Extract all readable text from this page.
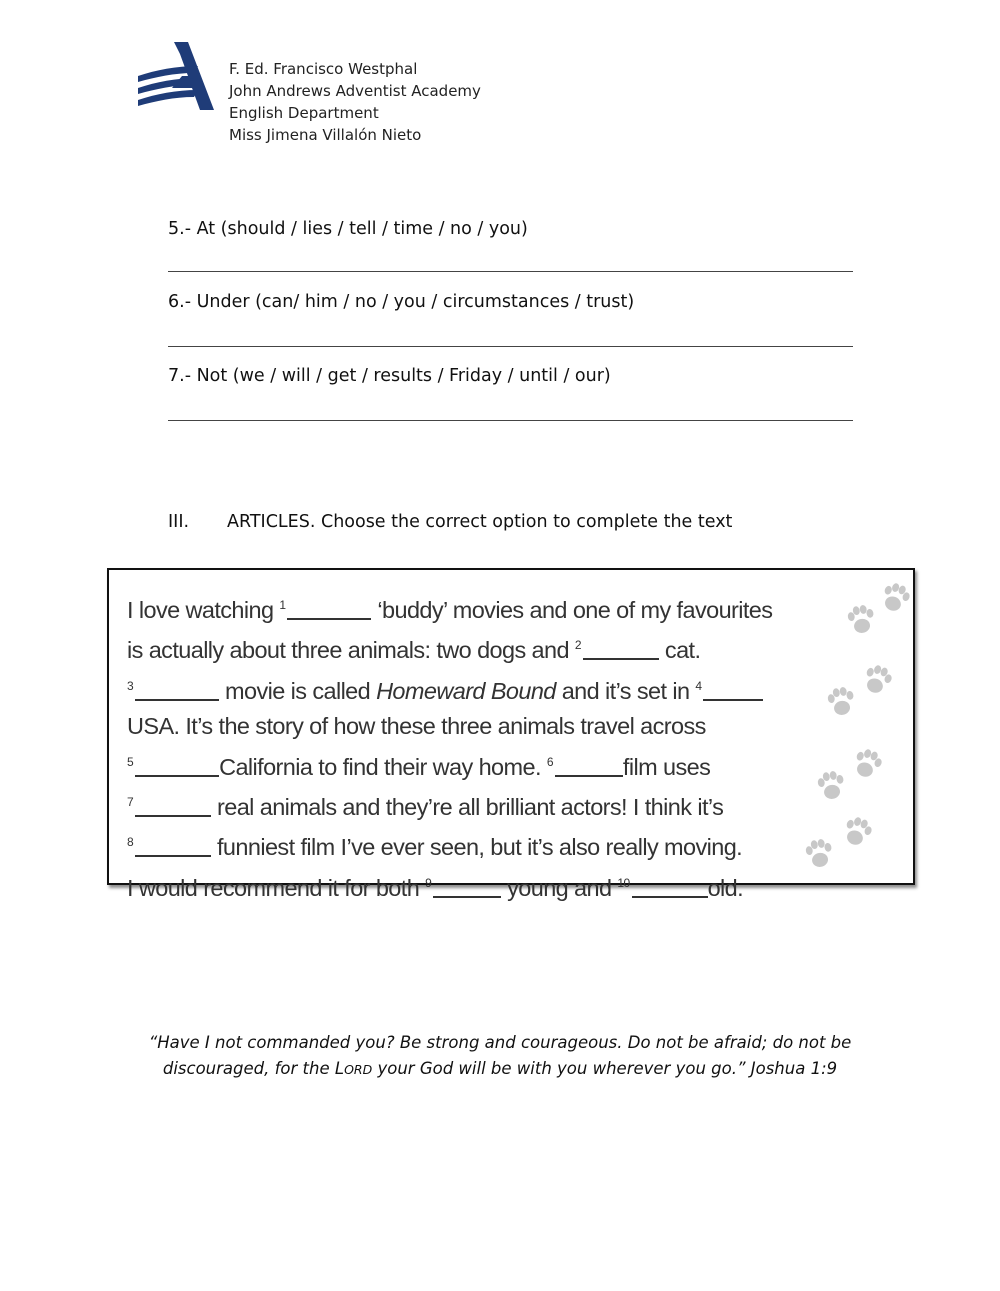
F. Ed. Francisco Westphal
John Andrews Adventist Academy
English Department
Miss Jimena Villalón Nieto
5.- At (should / lies / tell / time / no / you)
6.- Under (can/ him / no / you / circumstances / trust)
7.- Not (we / will / get / results / Friday / until / our)
III. ARTICLES. Choose the correct option to complete the text
I love watching $^1$	‘buddy’ movies and one of my favourites
is actually about three animals: two dogs and $^2$	cat.
$^3$	movie is called Homeward Bound and it’s set in $^4$
USA. It’s the story of how these three animals travel across
$^5$	California to find their way home. $^6$	film uses
$^7$	real animals and they’re all brilliant actors! I think it’s
$^8$	funniest film I’ve ever seen, but it’s also really moving.
I would recommend it for both $^9$	young and $^{10}$	old.
“Have I not commanded you? Be strong and courageous. Do not be afraid; do not be
discouraged, for the LORD your God will be with you wherever you go.” Joshua 1:9
